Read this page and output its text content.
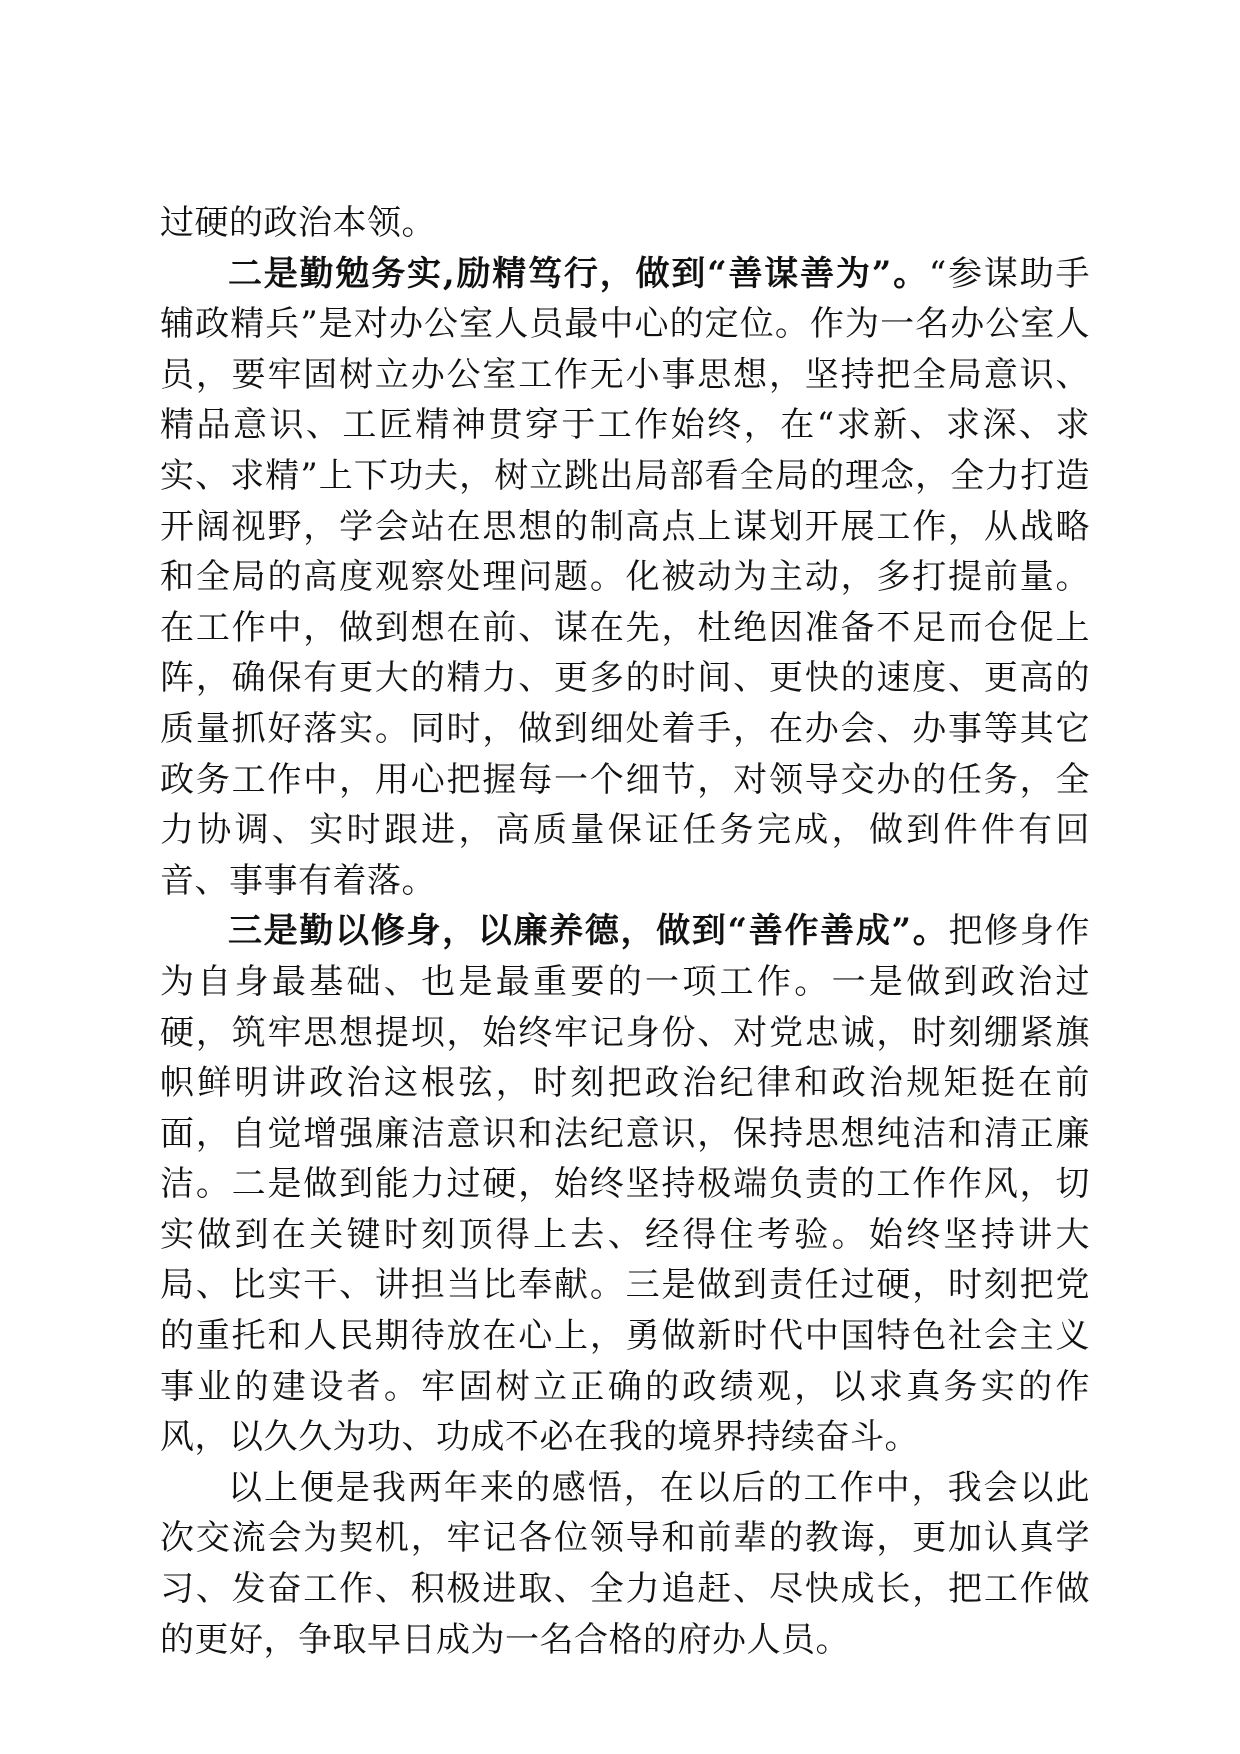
过硬的政治本领。

二是勤勉务实,励精笃行，做到“善谋善为”。“参谋助手辅政精兵”是对办公室人员最中心的定位。作为一名办公室人员，要牢固树立办公室工作无小事思想，坚持把全局意识、精品意识、工匠精神贯穿于工作始终，在“求新、求深、求实、求精”上下功夫，树立跳出局部看全局的理念，全力打造开阔视野，学会站在思想的制高点上谋划开展工作，从战略和全局的高度观察处理问题。化被动为主动，多打提前量。在工作中，做到想在前、谋在先，杜绝因准备不足而仓促上阵，确保有更大的精力、更多的时间、更快的速度、更高的质量抓好落实。同时，做到细处着手，在办会、办事等其它政务工作中，用心把握每一个细节，对领导交办的任务，全力协调、实时跟进，高质量保证任务完成，做到件件有回音、事事有着落。

三是勤以修身，以廉养德，做到“善作善成”。把修身作为自身最基础、也是最重要的一项工作。一是做到政治过硬，筑牢思想提坝，始终牢记身份、对党忠诚，时刻绷紧旗帜鲜明讲政治这根弦，时刻把政治纪律和政治规矩挺在前面，自觉增强廉洁意识和法纪意识，保持思想纯洁和清正廉洁。二是做到能力过硬，始终坚持极端负责的工作作风，切实做到在关键时刻顶得上去、经得住考验。始终坚持讲大局、比实干、讲担当比奉献。三是做到责任过硬，时刻把党的重托和人民期待放在心上，勇做新时代中国特色社会主义事业的建设者。牢固树立正确的政绩观，以求真务实的作风，以久久为功、功成不必在我的境界持续奋斗。

以上便是我两年来的感悟，在以后的工作中，我会以此次交流会为契机，牢记各位领导和前辈的教诲，更加认真学习、发奋工作、积极进取、全力追赶、尽快成长，把工作做的更好，争取早日成为一名合格的府办人员。
